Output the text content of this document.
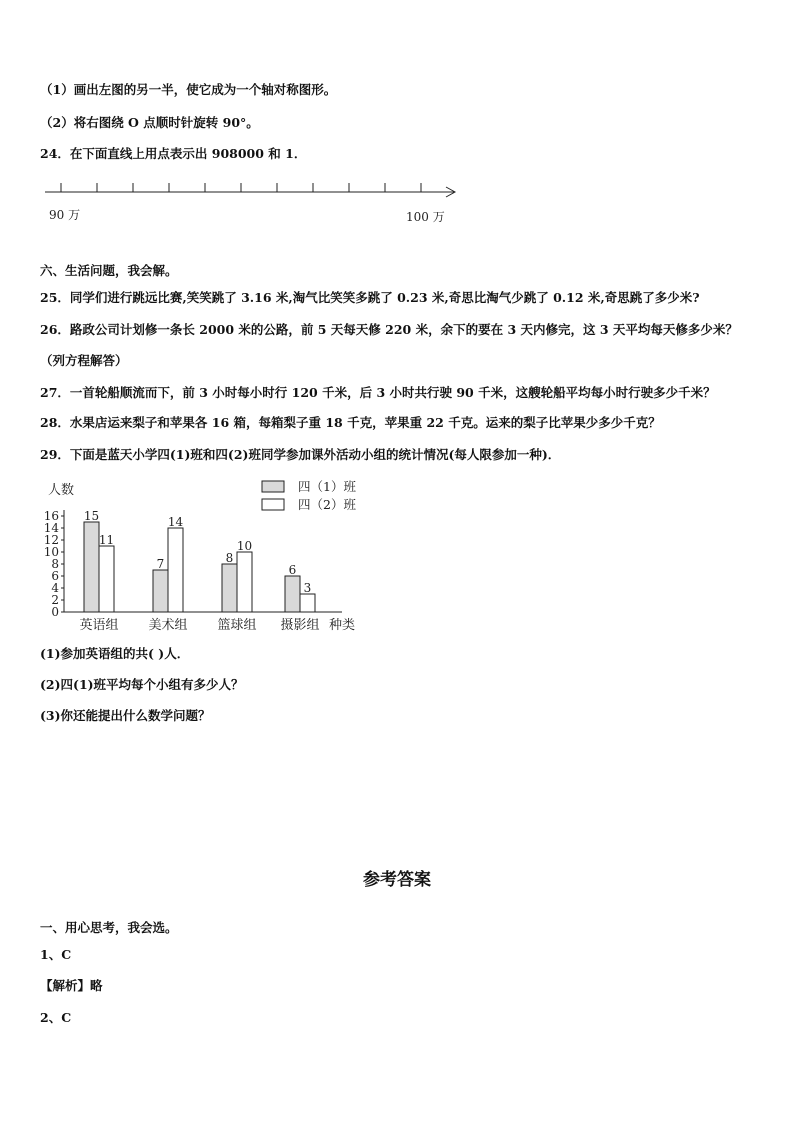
（1）画出左图的另一半，使它成为一个轴对称图形。
（2）将右图绕 O 点顺时针旋转 90°。
24．在下面直线上用点表示出 908000 和 1．
90 万	100 万
六、生活问题，我会解。
25．同学们进行跳远比赛,笑笑跳了 3.16 米,淘气比笑笑多跳了 0.23 米,奇思比淘气少跳了 0.12 米,奇思跳了多少米?
26．路政公司计划修一条长 2000 米的公路，前 5 天每天修 220 米，余下的要在 3 天内修完，这 3 天平均每天修多少米？
（列方程解答）
27．一首轮船顺流而下，前 3 小时每小时行 120 千米，后 3 小时共行驶 90 千米，这艘轮船平均每小时行驶多少千米？
28．水果店运来梨子和苹果各 16 箱，每箱梨子重 18 千克，苹果重 22 千克。运来的梨子比苹果少多少千克？
29．下面是蓝天小学四(1)班和四(2)班同学参加课外活动小组的统计情况(每人限参加一种)．
人数
种类
0
2
4
6
8
10
12
14
16 15
11
7
14
8
10
6
3
英语组 美术组 篮球组 摄影组
四（1）班
四（2）班
(1)参加英语组的共( )人．
(2)四(1)班平均每个小组有多少人？
(3)你还能提出什么数学问题？
参考答案
一、用心思考，我会选。
1、C
【解析】略
2、C
